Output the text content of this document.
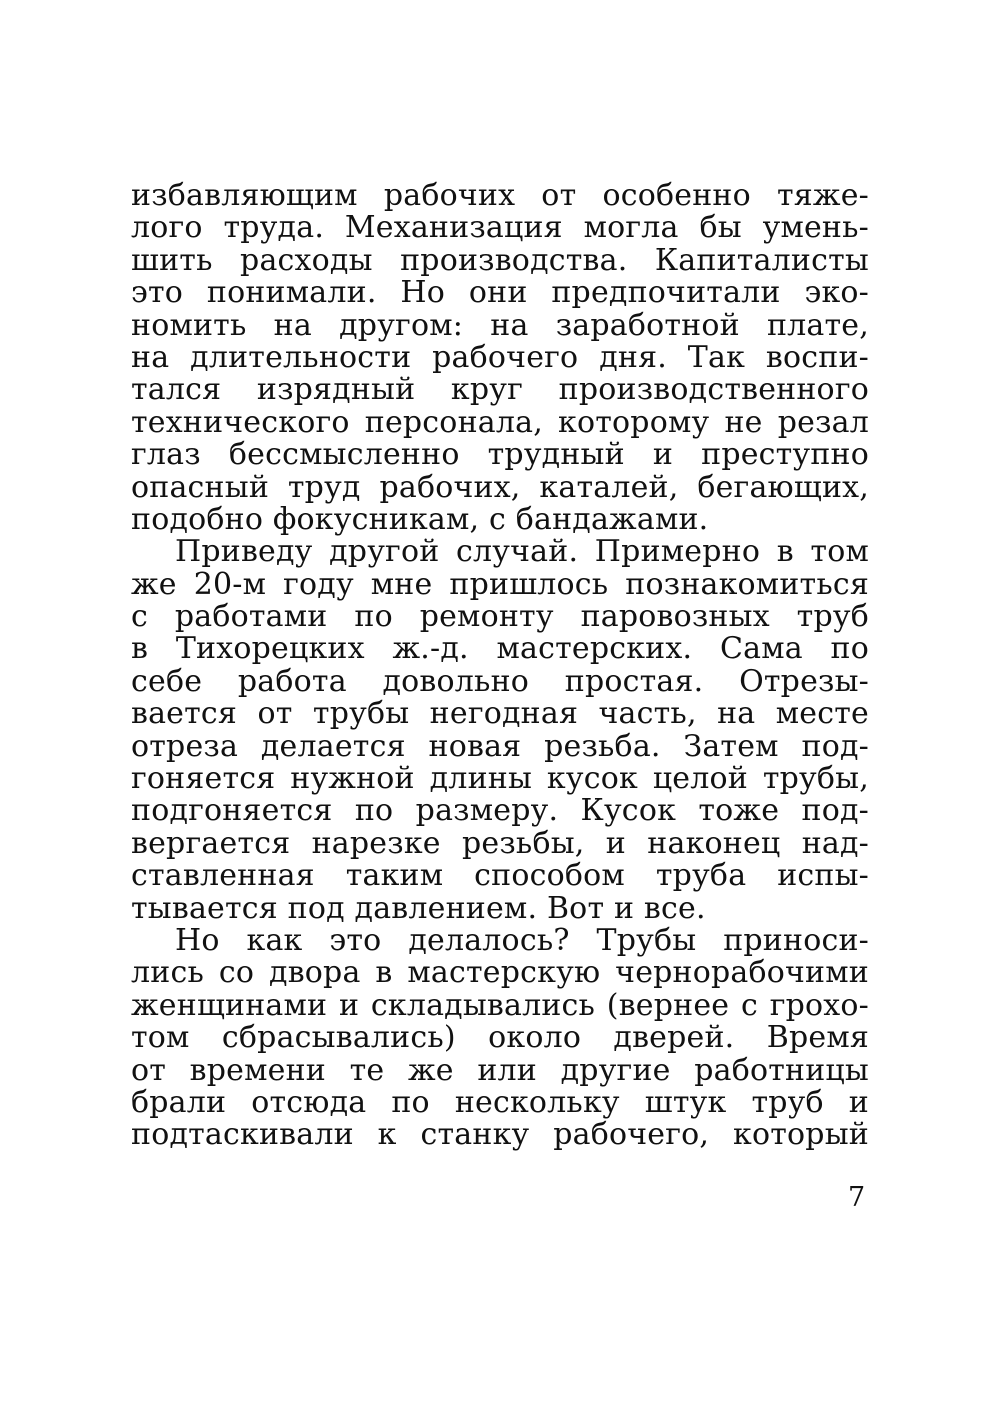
избавляющим рабочих от особенно тяже-
лого труда. Механизация могла бы умень-
шить расходы производства. Капиталисты
это понимали. Но они предпочитали эко-
номить на другом: на заработной плате,
на длительности рабочего дня. Так воспи-
тался изрядный круг производственного
технического персонала, которому не резал
глаз бессмысленно трудный и преступно
опасный труд рабочих, каталей, бегающих,
подобно фокусникам, с бандажами.
Приведу другой случай. Примерно в том
же 20-м году мне пришлось познакомиться
с работами по ремонту паровозных труб
в Тихорецких ж.-д. мастерских. Сама по
себе работа довольно простая. Отрезы-
вается от трубы негодная часть, на месте
отреза делается новая резьба. Затем под-
гоняется нужной длины кусок целой трубы,
подгоняется по размеру. Кусок тоже под-
вергается нарезке резьбы, и наконец над-
ставленная таким способом труба испы-
тывается под давлением. Вот и все.
Но как это делалось? Трубы приноси-
лись со двора в мастерскую чернорабочими
женщинами и складывались (вернее с грохо-
том сбрасывались) около дверей. Время
от времени те же или другие работницы
брали отсюда по нескольку штук труб и
подтаскивали к станку рабочего, который
7
